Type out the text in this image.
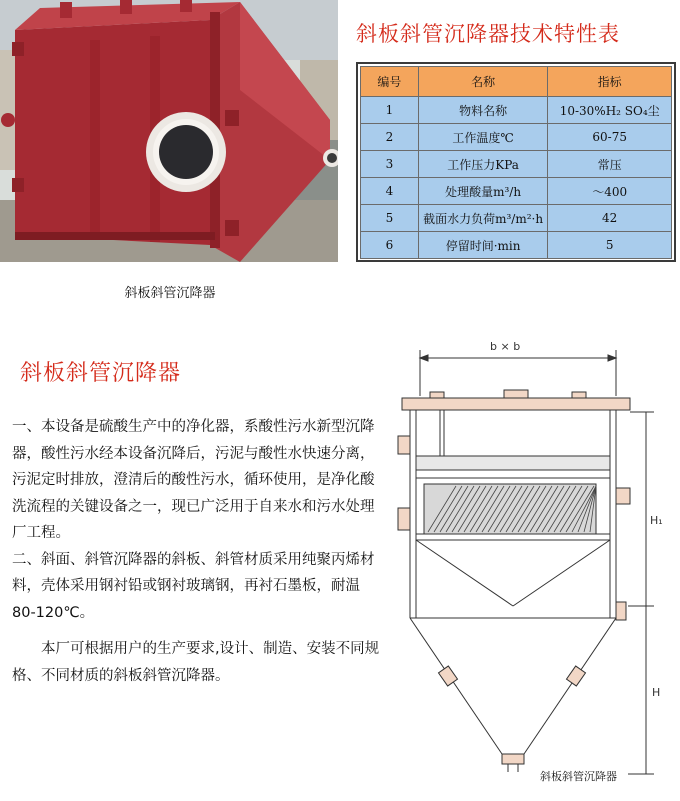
斜板斜管沉降器
斜板斜管沉降器技术特性表
编号	名称	指标
1	物料名称	10-30%H₂ SO₄尘
2	工作温度℃	60-75
3	工作压力KPa	常压
4	处理酸量m³/h	～400
5	截面水力负荷m³/m²·h	42
6	停留时间·min	5
斜板斜管沉降器

一、本设备是硫酸生产中的净化器，系酸性污水新型沉降器，酸性污水经本设备沉降后，污泥与酸性水快速分离，污泥定时排放，澄清后的酸性污水，循环使用，是净化酸洗流程的关键设备之一，现已广泛用于自来水和污水处理厂工程。

二、斜面、斜管沉降器的斜板、斜管材质采用纯聚丙烯材料，壳体采用钢衬铅或钢衬玻璃钢，再衬石墨板，耐温80-120℃。

本厂可根据用户的生产要求,设计、制造、安装不同规格、不同材质的斜板斜管沉降器。

b × b
H₁
H
斜板斜管沉降器
